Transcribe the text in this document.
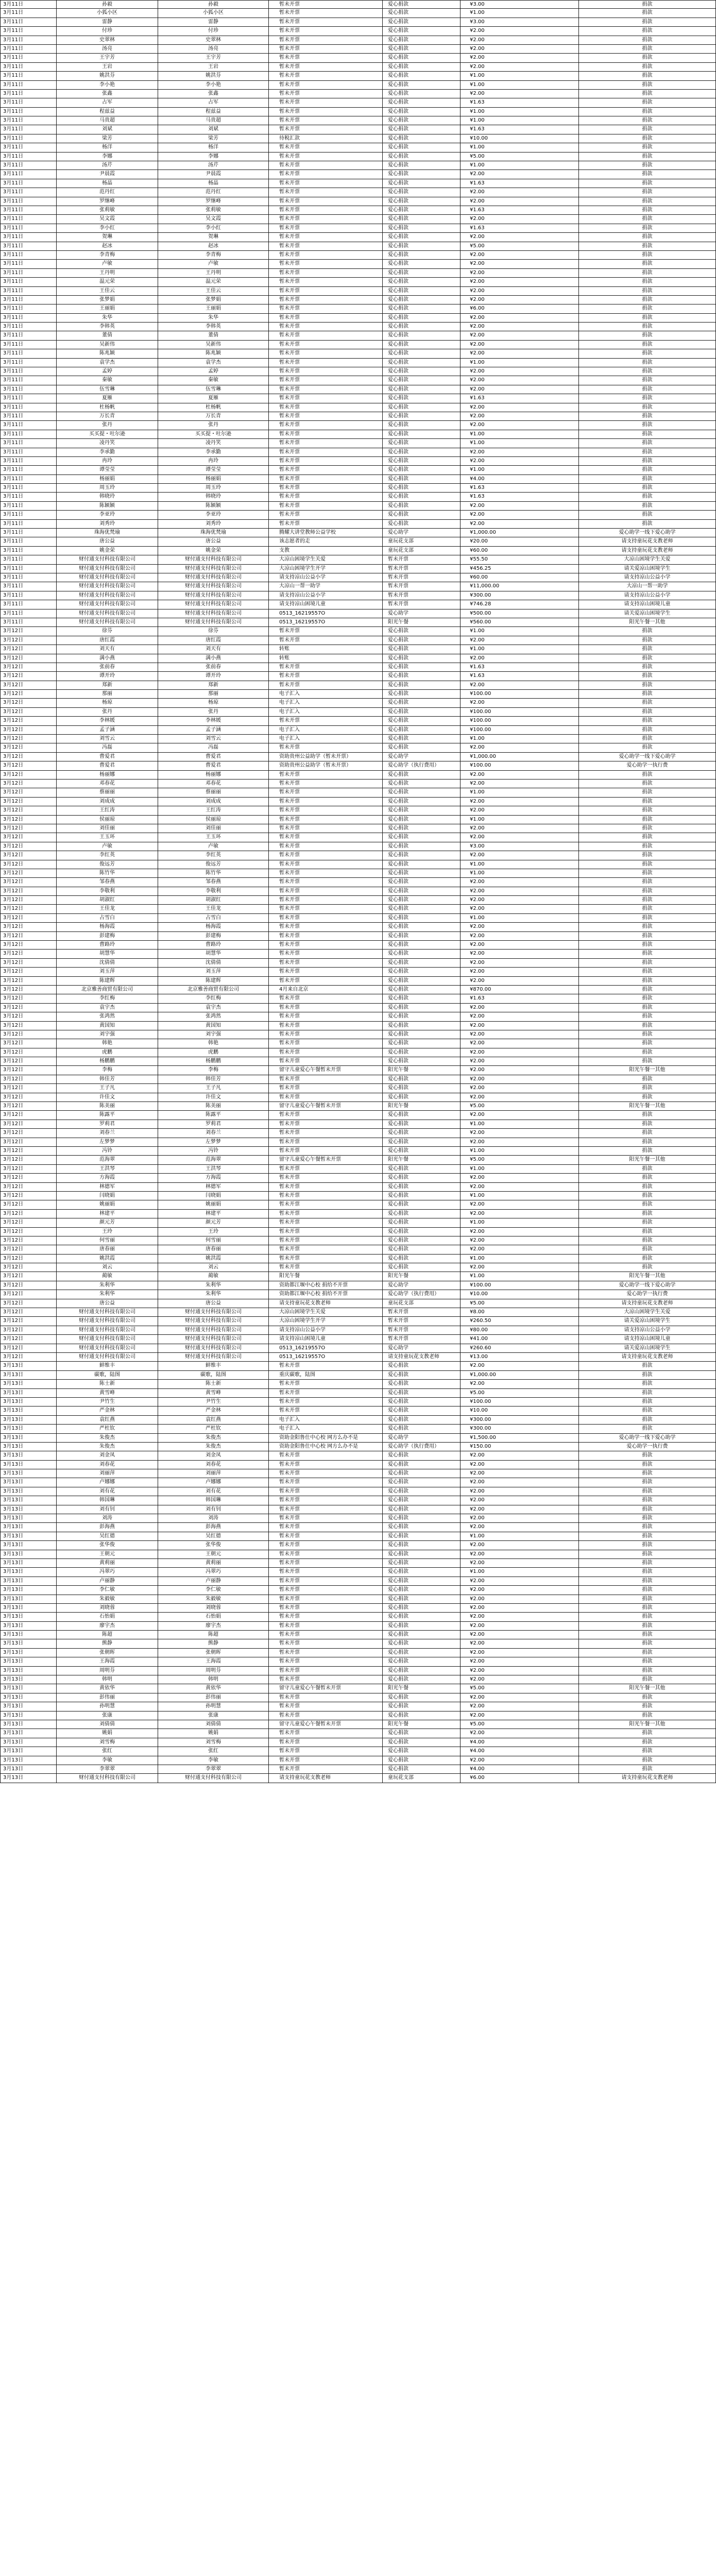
3月11日	孙毅	孙毅	暂未开票	爱心捐款	¥3.00	捐款
3月11日	小狐小区	小狐小区	暂未开票	爱心捐款	¥1.00	捐款
3月11日	雷静	雷静	暂未开票	爱心捐款	¥3.00	捐款
3月11日	付珍	付珍	暂未开票	爱心捐款	¥2.00	捐款
3月11日	史翠林	史翠林	暂未开票	爱心捐款	¥2.00	捐款
3月11日	汤亮	汤亮	暂未开票	爱心捐款	¥2.00	捐款
3月11日	王宇芳	王宇芳	暂未开票	爱心捐款	¥2.00	捐款
3月11日	王岩	王岩	暂未开票	爱心捐款	¥2.00	捐款
3月11日	姚洪芬	姚洪芬	暂未开票	爱心捐款	¥1.00	捐款
3月11日	李小艳	李小艳	暂未开票	爱心捐款	¥1.00	捐款
3月11日	张鑫	张鑫	暂未开票	爱心捐款	¥2.00	捐款
3月11日	占军	占军	暂未开票	爱心捐款	¥1.63	捐款
3月11日	程兹益	程兹益	暂未开票	爱心捐款	¥1.00	捐款
3月11日	马贵超	马贵超	暂未开票	爱心捐款	¥1.00	捐款
3月11日	刘斌	刘斌	暂未开票	爱心捐款	¥1.63	捐款
3月11日	梁芳	梁芳	待税汇款	爱心捐款	¥10.00	捐款
3月11日	杨洋	杨洋	暂未开票	爱心捐款	¥1.00	捐款
3月11日	李娜	李娜	暂未开票	爱心捐款	¥5.00	捐款
3月11日	汤芹	汤芹	暂未开票	爱心捐款	¥1.00	捐款
3月11日	尹晨霞	尹晨霞	暂未开票	爱心捐款	¥2.00	捐款
3月11日	杨晶	杨晶	暂未开票	爱心捐款	¥1.63	捐款
3月11日	范丹红	范丹红	暂未开票	爱心捐款	¥2.00	捐款
3月11日	罗继峰	罗继峰	暂未开票	爱心捐款	¥2.00	捐款
3月11日	张莉敏	张莉敏	暂未开票	爱心捐款	¥1.63	捐款
3月11日	吴文霞	吴文霞	暂未开票	爱心捐款	¥2.00	捐款
3月11日	李小红	李小红	暂未开票	爱心捐款	¥1.63	捐款
3月11日	贺琳	贺琳	暂未开票	爱心捐款	¥2.00	捐款
3月11日	赵冰	赵冰	暂未开票	爱心捐款	¥5.00	捐款
3月11日	李青梅	李青梅	暂未开票	爱心捐款	¥2.00	捐款
3月11日	卢敏	卢敏	暂未开票	爱心捐款	¥2.00	捐款
3月11日	王丹明	王丹明	暂未开票	爱心捐款	¥2.00	捐款
3月11日	温元荣	温元荣	暂未开票	爱心捐款	¥2.00	捐款
3月11日	王佳云	王佳云	暂未开票	爱心捐款	¥2.00	捐款
3月11日	张梦娟	张梦娟	暂未开票	爱心捐款	¥2.00	捐款
3月11日	王丽娟	王丽娟	暂未开票	爱心捐款	¥6.00	捐款
3月11日	朱华	朱华	暂未开票	爱心捐款	¥2.00	捐款
3月11日	李韩英	李韩英	暂未开票	爱心捐款	¥2.00	捐款
3月11日	董倩	董倩	暂未开票	爱心捐款	¥2.00	捐款
3月11日	吴新伟	吴新伟	暂未开票	爱心捐款	¥2.00	捐款
3月11日	陈兆颖	陈兆颖	暂未开票	爱心捐款	¥2.00	捐款
3月11日	袁学杰	袁学杰	暂未开票	爱心捐款	¥1.00	捐款
3月11日	孟婷	孟婷	暂未开票	爱心捐款	¥2.00	捐款
3月11日	秦敏	秦敏	暂未开票	爱心捐款	¥2.00	捐款
3月11日	伍雪琳	伍雪琳	暂未开票	爱心捐款	¥2.00	捐款
3月11日	夏雁	夏雁	暂未开票	爱心捐款	¥1.63	捐款
3月11日	杜杨帆	杜杨帆	暂未开票	爱心捐款	¥2.00	捐款
3月11日	万长青	万长青	暂未开票	爱心捐款	¥2.00	捐款
3月11日	张丹	张丹	暂未开票	爱心捐款	¥2.00	捐款
3月11日	买买提・吐尔逊	买买提・吐尔逊	暂未开票	爱心捐款	¥1.00	捐款
3月11日	凌丹笑	凌丹笑	暂未开票	爱心捐款	¥1.00	捐款
3月11日	李承勤	李承勤	暂未开票	爱心捐款	¥2.00	捐款
3月11日	冉玲	冉玲	暂未开票	爱心捐款	¥2.00	捐款
3月11日	谭莹莹	谭莹莹	暂未开票	爱心捐款	¥1.00	捐款
3月11日	杨丽娟	杨丽娟	暂未开票	爱心捐款	¥4.00	捐款
3月11日	周玉玲	周玉玲	暂未开票	爱心捐款	¥1.63	捐款
3月11日	韩晓玲	韩晓玲	暂未开票	爱心捐款	¥1.63	捐款
3月11日	陈颖颖	陈颖颖	暂未开票	爱心捐款	¥2.00	捐款
3月11日	李亚玲	李亚玲	暂未开票	爱心捐款	¥2.00	捐款
3月11日	刘秀玲	刘秀玲	暂未开票	爱心捐款	¥2.00	捐款
3月11日	珠海优梵瑜	珠海优梵瑜	腾耀大讲堂教师公益学校	爱心助学	¥1,000.00	爱心助学一线下爱心助学
3月11日	唐公益	唐公益	该志愿者的走	童玩花支部	¥20.00	请支持童玩花支教老师
3月11日	姚金荣	姚金荣	支教	童玩花支部	¥60.00	请支持童玩花支教老师
3月11日	财付通支付科技有限公司	财付通支付科技有限公司	大凉山困境学生关爱	暂未开票	¥55.50	大凉山困境学生关爱
3月11日	财付通支付科技有限公司	财付通支付科技有限公司	大凉山困境学生开学	暂未开票	¥456.25	请关爱凉山困境学生
3月11日	财付通支付科技有限公司	财付通支付科技有限公司	请支持凉山公益小学	暂未开票	¥60.00	请支持凉山公益小学
3月11日	财付通支付科技有限公司	财付通支付科技有限公司	大凉山一帮一助学	暂未开票	¥11,000.00	大凉山一帮一助学
3月11日	财付通支付科技有限公司	财付通支付科技有限公司	请支持凉山公益小学	暂未开票	¥300.00	请支持凉山公益小学
3月11日	财付通支付科技有限公司	财付通支付科技有限公司	请支持凉山困境儿童	暂未开票	¥746.28	请支持凉山困境儿童
3月11日	财付通支付科技有限公司	财付通支付科技有限公司	0513_16219557O	爱心助学	¥500.00	请关爱凉山困境学生
3月11日	财付通支付科技有限公司	财付通支付科技有限公司	0513_16219557O	阳光午餐	¥560.00	阳光午餐一其他
3月12日	徐芬	徐芬	暂未开票	爱心捐款	¥1.00	捐款
3月12日	唐红霞	唐红霞	暂未开票	爱心捐款	¥2.00	捐款
3月12日	刘天有	刘天有	转账	爱心捐款	¥1.00	捐款
3月12日	满小燕	满小燕	转账	爱心捐款	¥2.00	捐款
3月12日	张前春	张前春	暂未开票	爱心捐款	¥1.63	捐款
3月12日	谭开玲	谭开玲	暂未开票	爱心捐款	¥1.63	捐款
3月12日	郑新	郑新	暂未开票	爱心捐款	¥2.00	捐款
3月12日	那丽	那丽	电子汇入	爱心捐款	¥100.00	捐款
3月12日	杨琼	杨琼	电子汇入	爱心捐款	¥2.00	捐款
3月12日	张丹	张丹	电子汇入	爱心捐款	¥100.00	捐款
3月12日	李林媛	李林媛	暂未开票	爱心捐款	¥100.00	捐款
3月12日	孟子涵	孟子涵	电子汇入	爱心捐款	¥100.00	捐款
3月12日	刘雪云	刘雪云	电子汇入	爱心捐款	¥1.00	捐款
3月12日	冯磊	冯磊	暂未开票	爱心捐款	¥2.00	捐款
3月12日	曹爱君	曹爱君	资助贵州公益助学（暂未开票）	爱心助学	¥1,000.00	爱心助学一线下爱心助学
3月12日	曹爱君	曹爱君	资助贵州公益助学（暂未开票）	爱心助学（执行费用）	¥100.00	爱心助学一执行费
3月12日	杨丽娜	杨丽娜	暂未开票	爱心捐款	¥2.00	捐款
3月12日	邓春花	邓春花	暂未开票	爱心捐款	¥2.00	捐款
3月12日	蔡丽丽	蔡丽丽	暂未开票	爱心捐款	¥1.00	捐款
3月12日	刘成成	刘成成	暂未开票	爱心捐款	¥2.00	捐款
3月12日	王红涛	王红涛	暂未开票	爱心捐款	¥2.00	捐款
3月12日	侯丽琼	侯丽琼	暂未开票	爱心捐款	¥1.00	捐款
3月12日	刘佳丽	刘佳丽	暂未开票	爱心捐款	¥2.00	捐款
3月12日	王玉环	王玉环	暂未开票	爱心捐款	¥2.00	捐款
3月12日	卢敏	卢敏	暂未开票	爱心捐款	¥3.00	捐款
3月12日	李红英	李红英	暂未开票	爱心捐款	¥2.00	捐款
3月12日	俊远芳	俊远芳	暂未开票	爱心捐款	¥1.00	捐款
3月12日	陈竹华	陈竹华	暂未开票	爱心捐款	¥1.00	捐款
3月12日	邹春燕	邹春燕	暂未开票	爱心捐款	¥2.00	捐款
3月12日	李敬利	李敬利	暂未开票	爱心捐款	¥2.00	捐款
3月12日	胡淑红	胡淑红	暂未开票	爱心捐款	¥2.00	捐款
3月12日	王佳龙	王佳龙	暂未开票	爱心捐款	¥2.00	捐款
3月12日	占雪白	占雪白	暂未开票	爱心捐款	¥1.00	捐款
3月12日	杨海霞	杨海霞	暂未开票	爱心捐款	¥2.00	捐款
3月12日	彭建梅	彭建梅	暂未开票	爱心捐款	¥2.00	捐款
3月12日	曹路玲	曹路玲	暂未开票	爱心捐款	¥2.00	捐款
3月12日	胡慧华	胡慧华	暂未开票	爱心捐款	¥2.00	捐款
3月12日	沈倩倩	沈倩倩	暂未开票	爱心捐款	¥2.00	捐款
3月12日	刘玉萍	刘玉萍	暂未开票	爱心捐款	¥2.00	捐款
3月12日	陈建辉	陈建辉	暂未开票	爱心捐款	¥2.00	捐款
3月12日	北京雅善商贸有限公司	北京雅善商贸有限公司	4月来自北京	爱心捐款	¥870.00	捐款
3月12日	李红梅	李红梅	暂未开票	爱心捐款	¥1.63	捐款
3月12日	袁宇杰	袁宇杰	暂未开票	爱心捐款	¥2.00	捐款
3月12日	张鸿然	张鸿然	暂未开票	爱心捐款	¥2.00	捐款
3月12日	黄国知	黄国知	暂未开票	爱心捐款	¥2.00	捐款
3月12日	刘宇强	刘宇强	暂未开票	爱心捐款	¥2.00	捐款
3月12日	韩艳	韩艳	暂未开票	爱心捐款	¥2.00	捐款
3月12日	虎鹏	虎鹏	暂未开票	爱心捐款	¥2.00	捐款
3月12日	杨鹏鹏	杨鹏鹏	暂未开票	爱心捐款	¥2.00	捐款
3月12日	李梅	李梅	留守儿童爱心午餐暂未开票	阳光午餐	¥2.00	阳光午餐一其他
3月12日	韩佳芳	韩佳芳	暂未开票	爱心捐款	¥2.00	捐款
3月12日	王子凡	王子凡	暂未开票	爱心捐款	¥2.00	捐款
3月12日	许佳文	许佳文	暂未开票	爱心捐款	¥2.00	捐款
3月12日	陈美丽	陈美丽	留守儿童爱心午餐暂未开票	阳光午餐	¥5.00	阳光午餐一其他
3月12日	陈露平	陈露平	暂未开票	爱心捐款	¥2.00	捐款
3月12日	罗莉君	罗莉君	暂未开票	爱心捐款	¥1.00	捐款
3月12日	刘春兰	刘春兰	暂未开票	爱心捐款	¥2.00	捐款
3月12日	左梦梦	左梦梦	暂未开票	爱心捐款	¥2.00	捐款
3月12日	冯铃	冯铃	暂未开票	爱心捐款	¥1.00	捐款
3月12日	范海翠	范海翠	留守儿童爱心午餐暂未开票	阳光午餐	¥5.00	阳光午餐一其他
3月12日	王洪琴	王洪琴	暂未开票	爱心捐款	¥1.00	捐款
3月12日	方海霞	方海霞	暂未开票	爱心捐款	¥2.00	捐款
3月12日	林德军	林德军	暂未开票	爱心捐款	¥2.00	捐款
3月12日	闫晓娟	闫晓娟	暂未开票	爱心捐款	¥1.00	捐款
3月12日	姚丽娟	姚丽娟	暂未开票	爱心捐款	¥2.00	捐款
3月12日	林建平	林建平	暂未开票	爱心捐款	¥2.00	捐款
3月12日	颜元芳	颜元芳	暂未开票	爱心捐款	¥1.00	捐款
3月12日	王玲	王玲	暂未开票	爱心捐款	¥2.00	捐款
3月12日	何雪丽	何雪丽	暂未开票	爱心捐款	¥2.00	捐款
3月12日	唐春丽	唐春丽	暂未开票	爱心捐款	¥2.00	捐款
3月12日	姚洪霞	姚洪霞	暂未开票	爱心捐款	¥1.00	捐款
3月12日	刘云	刘云	暂未开票	爱心捐款	¥2.00	捐款
3月12日	蔺敏	蔺敏	阳光午餐	阳光午餐	¥1.00	阳光午餐一其他
3月12日	朱利华	朱利华	资助都江堰中心校 捐给不开票	爱心助学	¥100.00	爱心助学一线下爱心助学
3月12日	朱利华	朱利华	资助都江堰中心校 捐给不开票	爱心助学（执行费用）	¥10.00	爱心助学一执行费
3月12日	唐公益	唐公益	请支持童玩花支教老师	童玩花支部	¥5.00	请支持童玩花支教老师
3月12日	财付通支付科技有限公司	财付通支付科技有限公司	大凉山困境学生关爱	暂未开票	¥8.00	大凉山困境学生关爱
3月12日	财付通支付科技有限公司	财付通支付科技有限公司	大凉山困境学生开学	暂未开票	¥260.50	请关爱凉山困境学生
3月12日	财付通支付科技有限公司	财付通支付科技有限公司	请支持凉山公益小学	暂未开票	¥80.00	请支持凉山公益小学
3月12日	财付通支付科技有限公司	财付通支付科技有限公司	请支持凉山困境儿童	暂未开票	¥41.00	请支持凉山困境儿童
3月12日	财付通支付科技有限公司	财付通支付科技有限公司	0513_16219557O	爱心助学	¥260.60	请关爱凉山困境学生
3月12日	财付通支付科技有限公司	财付通支付科技有限公司	0513_16219557O	请支持童玩花支教老师	¥13.00	请支持童玩花支教老师
3月13日	鲜维丰	鲜维丰	暂未开票	爱心捐款	¥2.00	捐款
3月13日	碳歌，陆图	碳歌，陆图	重庆碳歌，陆图	爱心捐款	¥1,000.00	捐款
3月13日	陈士新	陈士新	暂未开票	爱心捐款	¥2.00	捐款
3月13日	黄雪峰	黄雪峰	暂未开票	爱心捐款	¥5.00	捐款
3月13日	尹竹生	尹竹生	暂未开票	爱心捐款	¥100.00	捐款
3月13日	严金林	严金林	暂未开票	爱心捐款	¥10.00	捐款
3月13日	袁红燕	袁红燕	电子汇入	爱心捐款	¥300.00	捐款
3月13日	严杜钦	严杜钦	电子汇入	爱心捐款	¥300.00	捐款
3月13日	朱俊杰	朱俊杰	资助金阳鲁仕中心校 网方么办不是	爱心助学	¥1,500.00	爱心助学一线下爱心助学
3月13日	朱俊杰	朱俊杰	资助金阳鲁仕中心校 网方么办不是	爱心助学（执行费用）	¥150.00	爱心助学一执行费
3月13日	刘金凤	刘金凤	暂未开票	爱心捐款	¥2.00	捐款
3月13日	刘春花	刘春花	暂未开票	爱心捐款	¥2.00	捐款
3月13日	刘丽萍	刘丽萍	暂未开票	爱心捐款	¥2.00	捐款
3月13日	卢娜娜	卢娜娜	暂未开票	爱心捐款	¥2.00	捐款
3月13日	刘有花	刘有花	暂未开票	爱心捐款	¥2.00	捐款
3月13日	韩国琳	韩国琳	暂未开票	爱心捐款	¥2.00	捐款
3月13日	刘有钊	刘有钊	暂未开票	爱心捐款	¥2.00	捐款
3月13日	刘涛	刘涛	暂未开票	爱心捐款	¥2.00	捐款
3月13日	彭海燕	彭海燕	暂未开票	爱心捐款	¥2.00	捐款
3月13日	吴红德	吴红德	暂未开票	爱心捐款	¥1.00	捐款
3月13日	张华俊	张华俊	暂未开票	爱心捐款	¥2.00	捐款
3月13日	王朝元	王朝元	暂未开票	爱心捐款	¥2.00	捐款
3月13日	黄莉丽	黄莉丽	暂未开票	爱心捐款	¥2.00	捐款
3月13日	冯翠巧	冯翠巧	暂未开票	爱心捐款	¥1.00	捐款
3月13日	卢丽静	卢丽静	暂未开票	爱心捐款	¥2.00	捐款
3月13日	李仁敏	李仁敏	暂未开票	爱心捐款	¥2.00	捐款
3月13日	朱毅敏	朱毅敏	暂未开票	爱心捐款	¥2.00	捐款
3月13日	刘晓蓉	刘晓蓉	暂未开票	爱心捐款	¥2.00	捐款
3月13日	石怡娟	石怡娟	暂未开票	爱心捐款	¥2.00	捐款
3月13日	廖宇杰	廖宇杰	暂未开票	爱心捐款	¥2.00	捐款
3月13日	陈超	陈超	暂未开票	爱心捐款	¥2.00	捐款
3月13日	熊静	熊静	暂未开票	爱心捐款	¥2.00	捐款
3月13日	张朝晖	张朝晖	暂未开票	爱心捐款	¥2.00	捐款
3月13日	王海霞	王海霞	暂未开票	爱心捐款	¥2.00	捐款
3月13日	周明芬	周明芬	暂未开票	爱心捐款	¥2.00	捐款
3月13日	韩明	韩明	暂未开票	爱心捐款	¥2.00	捐款
3月13日	黄依华	黄依华	留守儿童爱心午餐暂未开票	阳光午餐	¥5.00	阳光午餐一其他
3月13日	彭伟丽	彭伟丽	暂未开票	爱心捐款	¥2.00	捐款
3月13日	孙明慧	孙明慧	暂未开票	爱心捐款	¥2.00	捐款
3月13日	张康	张康	暂未开票	爱心捐款	¥2.00	捐款
3月13日	刘倩倩	刘倩倩	留守儿童爱心午餐暂未开票	阳光午餐	¥5.00	阳光午餐一其他
3月13日	姚娟	姚娟	暂未开票	爱心捐款	¥2.00	捐款
3月13日	刘雪梅	刘雪梅	暂未开票	爱心捐款	¥4.00	捐款
3月13日	张红	张红	暂未开票	爱心捐款	¥4.00	捐款
3月13日	李敏	李敏	暂未开票	爱心捐款	¥2.00	捐款
3月13日	李翠翠	李翠翠	暂未开票	爱心捐款	¥4.00	捐款
3月13日	财付通支付科技有限公司	财付通支付科技有限公司	请支持童玩花支教老师	童玩花支部	¥6.00	请支持童玩花支教老师
